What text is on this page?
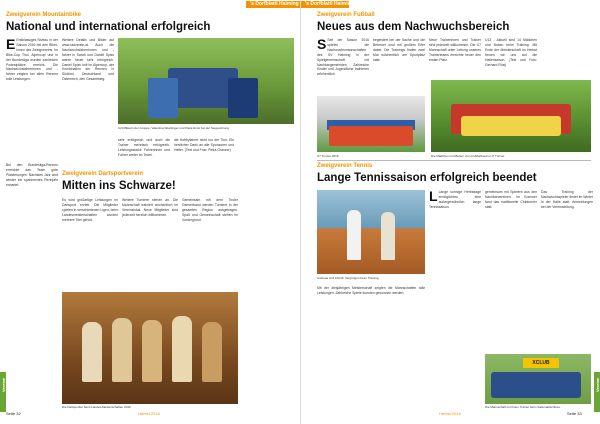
's Dorfblattl Haiming
Zweigverein Mountainbike
National und international erfolgreich
E Erstklassiges Niveau in der Saison 2016 bei den Biker-innen des Zweigvereins. Im Bike-Cup Tirol, Alpencup und in der Bundesliga wurden zahlreiche Podestplätze erreicht. Die Nachwuchsfahrerinnen und -fahrer zeigten bei allen Rennen tolle Leistungen.
Weitere Details und Bilder auf www.radverein.at. Auch die Nachwuchsfahrerinnen und -fahrer in Sarah und Daniel Spiss waren heuer sehr erfolgreich. Daniel Spiss holt im Alpencup, der Kombination der Rennen in Südtirol, Deutschland und Österreich, den Gesamtsieg.
U23-Bikerin der Gruppe, Valentina Weinlinger und Klara Ernst bei der Siegerehrung.
sehr erfolgreich und auch die Trainer mehrfach erfolgreich. Leistungsstarke Fahrerinnen und Fahrer weiter im Team.
die Hobbyfahrer nicht nur der Tour. Ein herzlicher Dank an alle Sponsoren und Helfer. (Text und Foto: Petra Granzer)
Zweigverein Dartsportverein
Mitten ins Schwarze!
Bei den Bundesliga-Rennen erreichte das Team gute Platzierungen. Nächstes Jahr wird wieder ein spannendes Rennjahr erwartet.
Es wird großartige Leistungen im Dartsport erzielt. Die Mitglieder spielen in verschiedenen Ligen, beim Landesmeisterschaften wurden mehrere Titel geholt.
Weitere Turniere stehen an. Die Mannschaft trainiert wöchentlich im Vereinslokal. Neue Mitglieder sind jederzeit herzlich willkommen.
Gemeinsam mit dem Tiroler Dartverband werden Turniere in der gesamten Region ausgetragen. Spaß und Gemeinschaft stehen im Vordergrund.
Die Dartsportler beim Landes-Meisterschaften 2016
Seite 32	Herbst 2016
Vereine
's Dorfblattl Haiming
Zweigverein Fußball
Neues aus dem Nachwuchsbereich
S Seit der Saison 2016 spielen die Nachwuchsmannschaften des SV Haiming in der Spielgemeinschaft mit Nachbargemeinden. Zahlreiche Kinder und Jugendliche trainieren wöchentlich.
begeistert bei der Sache und die Betreuer sind mit großem Eifer dabei. Die Trainings finden zwei Mal wöchentlich am Sportplatz statt.
Neue Trainerinnen und Trainer sind jederzeit willkommen. Die U7 Mannschaft unter Leitung unseres Trainerteams erreichte heuer den ersten Platz.
U13 - Aktuell sind 14 Mädchen und Buben beim Training. Mit Ende der Meisterschaft im Herbst freuen wir uns auf die Hallensaison. (Text und Foto: Gerhard Rösl)
U7 Turnier 2016	Die Mädchen und Buben vom Fußballverein U7 Turnier.
Zweigverein Tennis
Lange Tennissaison erfolgreich beendet
Andreas und Christl: Vergnügen beim Training.
L Lange sonnige Herbsttage ermöglichten eine außergewöhnlich lange Tennissaison.
Mit der diesjährigen Meisterschaft zeigten die Mannschaften tolle Leistungen. Zahlreiche Spiele konnten gewonnen werden.
gemeinsam mit Spielern aus den Nachbarvereinen. Im Sommer fand das traditionelle Clubturnier statt.
Das Training der Nachwuchsspieler findet im Winter in der Halle statt. Anmeldungen bei der Vereinsleitung.
XCLUB
Die Mannschaft mit ihrem Trainer beim Saisonabschluss.
Herbst 2016	Seite 33
Vereine
